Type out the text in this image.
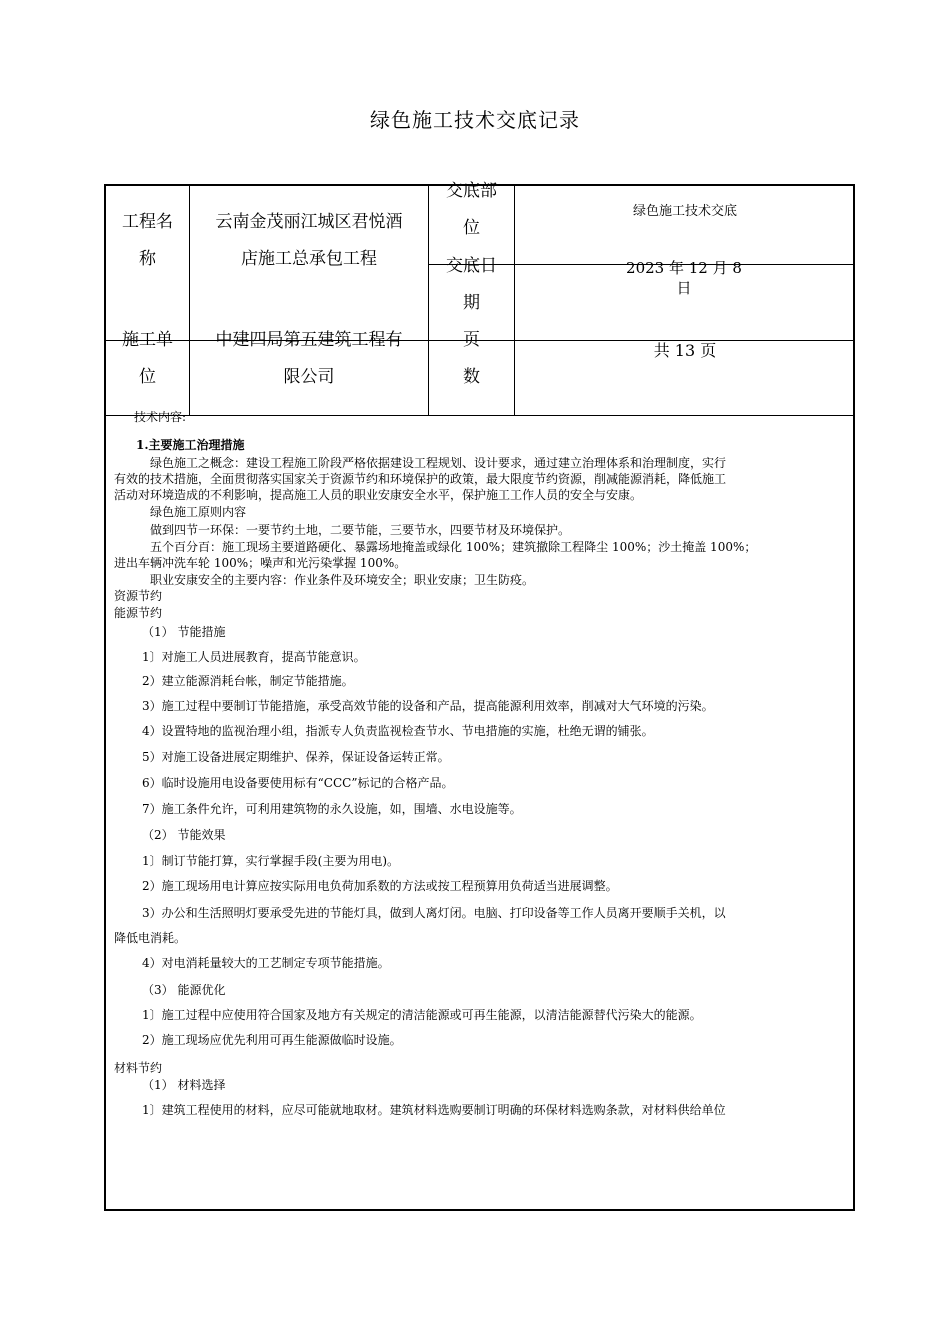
绿色施工技术交底记录
工程名
称
云南金茂丽江城区君悦酒
店施工总承包工程
交底部
位
绿色施工技术交底
交底日
期
2023 年 12 月 8
日
施工单
位
中建四局第五建筑工程有
限公司
页
数
共 13 页
技术内容:
1.主要施工治理措施
绿色施工之概念：建设工程施工阶段严格依据建设工程规划、设计要求，通过建立治理体系和治理制度，实行
有效的技术措施，全面贯彻落实国家关于资源节约和环境保护的政策，最大限度节约资源，削减能源消耗，降低施工
活动对环境造成的不利影响，提高施工人员的职业安康安全水平，保护施工工作人员的安全与安康。
绿色施工原则内容
做到四节一环保：一要节约土地，二要节能，三要节水，四要节材及环境保护。
五个百分百：施工现场主要道路硬化、暴露场地掩盖或绿化 100%；建筑撤除工程降尘 100%；沙土掩盖 100%；
进出车辆冲洗车轮 100%；噪声和光污染掌握 100%。
职业安康安全的主要内容：作业条件及环境安全；职业安康；卫生防疫。
资源节约
能源节约
（1） 节能措施
1〕对施工人员进展教育，提高节能意识。
2）建立能源消耗台帐，制定节能措施。
3）施工过程中要制订节能措施，承受高效节能的设备和产品，提高能源利用效率，削减对大气环境的污染。
4）设置特地的监视治理小组，指派专人负责监视检查节水、节电措施的实施，杜绝无谓的铺张。
5）对施工设备进展定期维护、保养，保证设备运转正常。
6）临时设施用电设备要使用标有“CCC”标记的合格产品。
7）施工条件允许，可利用建筑物的永久设施，如，围墙、水电设施等。
（2） 节能效果
1〕制订节能打算，实行掌握手段(主要为用电)。
2）施工现场用电计算应按实际用电负荷加系数的方法或按工程预算用负荷适当进展调整。
3）办公和生活照明灯要承受先进的节能灯具，做到人离灯闭。电脑、打印设备等工作人员离开要顺手关机，以
降低电消耗。
4）对电消耗量较大的工艺制定专项节能措施。
（3） 能源优化
1〕施工过程中应使用符合国家及地方有关规定的清洁能源或可再生能源，以清洁能源替代污染大的能源。
2）施工现场应优先利用可再生能源做临时设施。
材料节约
（1） 材料选择
1〕建筑工程使用的材料，应尽可能就地取材。建筑材料选购要制订明确的环保材料选购条款，对材料供给单位
